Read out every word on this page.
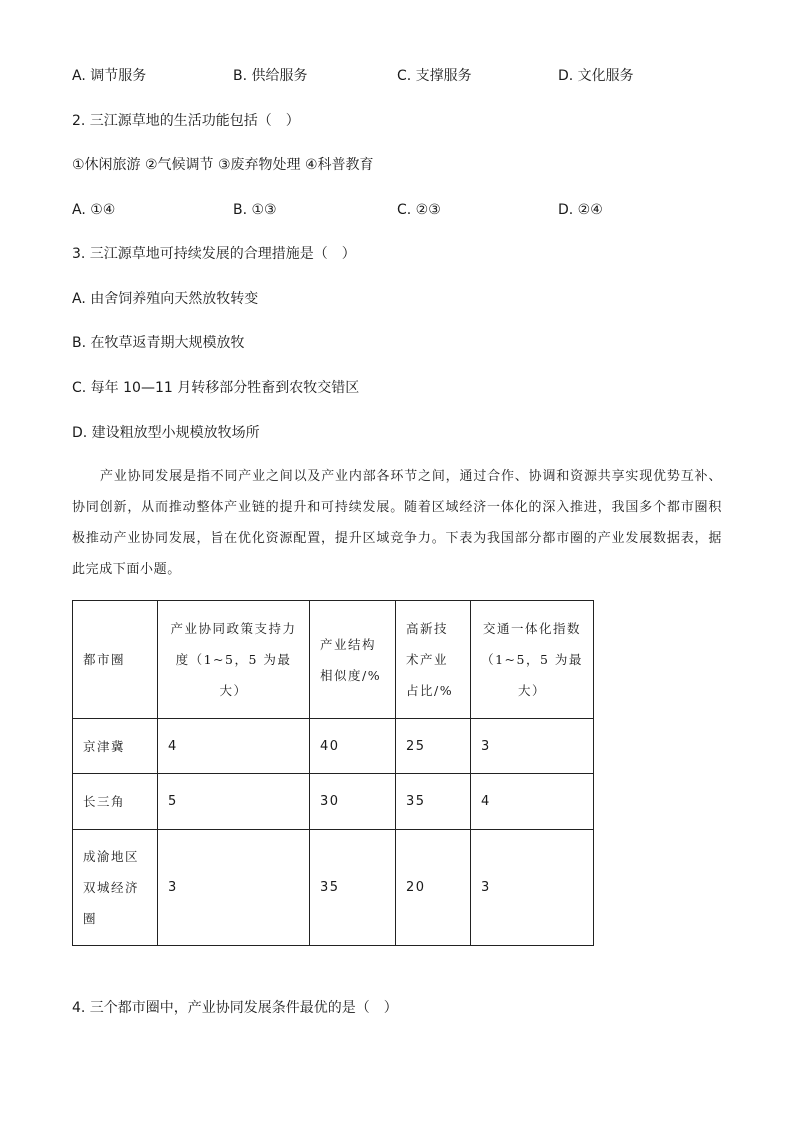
A. 调节服务	B. 供给服务	C. 支撑服务	D. 文化服务
2. 三江源草地的生活功能包括（　）
①休闲旅游 ②气候调节 ③废弃物处理 ④科普教育
A. ①④	B. ①③	C. ②③	D. ②④
3. 三江源草地可持续发展的合理措施是（　）
A. 由舍饲养殖向天然放牧转变
B. 在牧草返青期大规模放牧
C. 每年 10—11 月转移部分牲畜到农牧交错区
D. 建设粗放型小规模放牧场所
产业协同发展是指不同产业之间以及产业内部各环节之间，通过合作、协调和资源共享实现优势互补、协同创新，从而推动整体产业链的提升和可持续发展。随着区域经济一体化的深入推进，我国多个都市圈积极推动产业协同发展，旨在优化资源配置，提升区域竞争力。下表为我国部分都市圈的产业发展数据表，据此完成下面小题。
都市圈	产业协同政策支持力度（1~5，5 为最大）	产业结构相似度/%	高新技术产业占比/%	交通一体化指数（1~5，5 为最大）
京津冀	4	40	25	3
长三角	5	30	35	4
成渝地区双城经济圈	3	35	20	3
4. 三个都市圈中，产业协同发展条件最优的是（　）
